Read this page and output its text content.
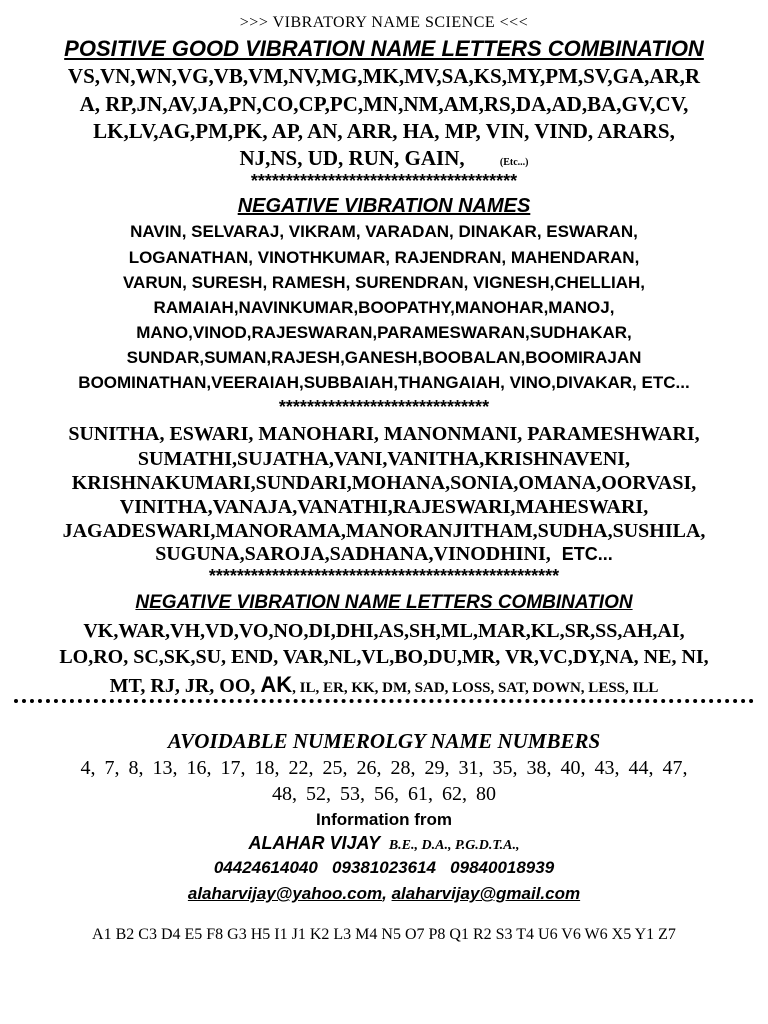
>>> VIBRATORY NAME SCIENCE <<<
POSITIVE GOOD VIBRATION NAME LETTERS COMBINATION
VS,VN,WN,VG,VB,VM,NV,MG,MK,MV,SA,KS,MY,PM,SV,GA,AR,R
A, RP,JN,AV,JA,PN,CO,CP,PC,MN,NM,AM,RS,DA,AD,BA,GV,CV,
LK,LV,AG,PM,PK, AP, AN, ARR, HA, MP, VIN, VIND, ARARS,
NJ,NS, UD, RUN, GAIN,	(Etc...)
**************************************
NEGATIVE VIBRATION NAMES
NAVIN, SELVARAJ, VIKRAM, VARADAN, DINAKAR, ESWARAN,
LOGANATHAN, VINOTHKUMAR, RAJENDRAN, MAHENDARAN,
VARUN, SURESH, RAMESH, SURENDRAN, VIGNESH,CHELLIAH,
RAMAIAH,NAVINKUMAR,BOOPATHY,MANOHAR,MANOJ,
MANO,VINOD,RAJESWARAN,PARAMESWARAN,SUDHAKAR,
SUNDAR,SUMAN,RAJESH,GANESH,BOOBALAN,BOOMIRAJAN
BOOMINATHAN,VEERAIAH,SUBBAIAH,THANGAIAH, VINO,DIVAKAR, ETC...
******************************
SUNITHA, ESWARI, MANOHARI, MANONMANI, PARAMESHWARI,
SUMATHI,SUJATHA,VANI,VANITHA,KRISHNAVENI,
KRISHNAKUMARI,SUNDARI,MOHANA,SONIA,OMANA,OORVASI,
VINITHA,VANAJA,VANATHI,RAJESWARI,MAHESWARI,
JAGADESWARI,MANORAMA,MANORANJITHAM,SUDHA,SUSHILA,
SUGUNA,SAROJA,SADHANA,VINODHINI, ETC...
**************************************************
NEGATIVE VIBRATION NAME LETTERS COMBINATION
VK,WAR,VH,VD,VO,NO,DI,DHI,AS,SH,ML,MAR,KL,SR,SS,AH,AI,
LO,RO, SC,SK,SU, END, VAR,NL,VL,BO,DU,MR, VR,VC,DY,NA, NE, NI,
MT, RJ, JR, OO, AK, IL, ER, KK, DM, SAD, LOSS, SAT, DOWN, LESS, ILL
AVOIDABLE NUMEROLGY NAME NUMBERS
4, 7, 8, 13, 16, 17, 18, 22, 25, 26, 28, 29, 31, 35, 38, 40, 43, 44, 47,
48, 52, 53, 56, 61, 62, 80
Information from
ALAHAR VIJAY B.E., D.A., P.G.D.T.A.,
04424614040   09381023614   09840018939
alaharvijay@yahoo.com, alaharvijay@gmail.com
A1 B2 C3 D4 E5 F8 G3 H5 I1 J1 K2 L3 M4 N5 O7 P8 Q1 R2 S3 T4 U6 V6 W6 X5 Y1 Z7
